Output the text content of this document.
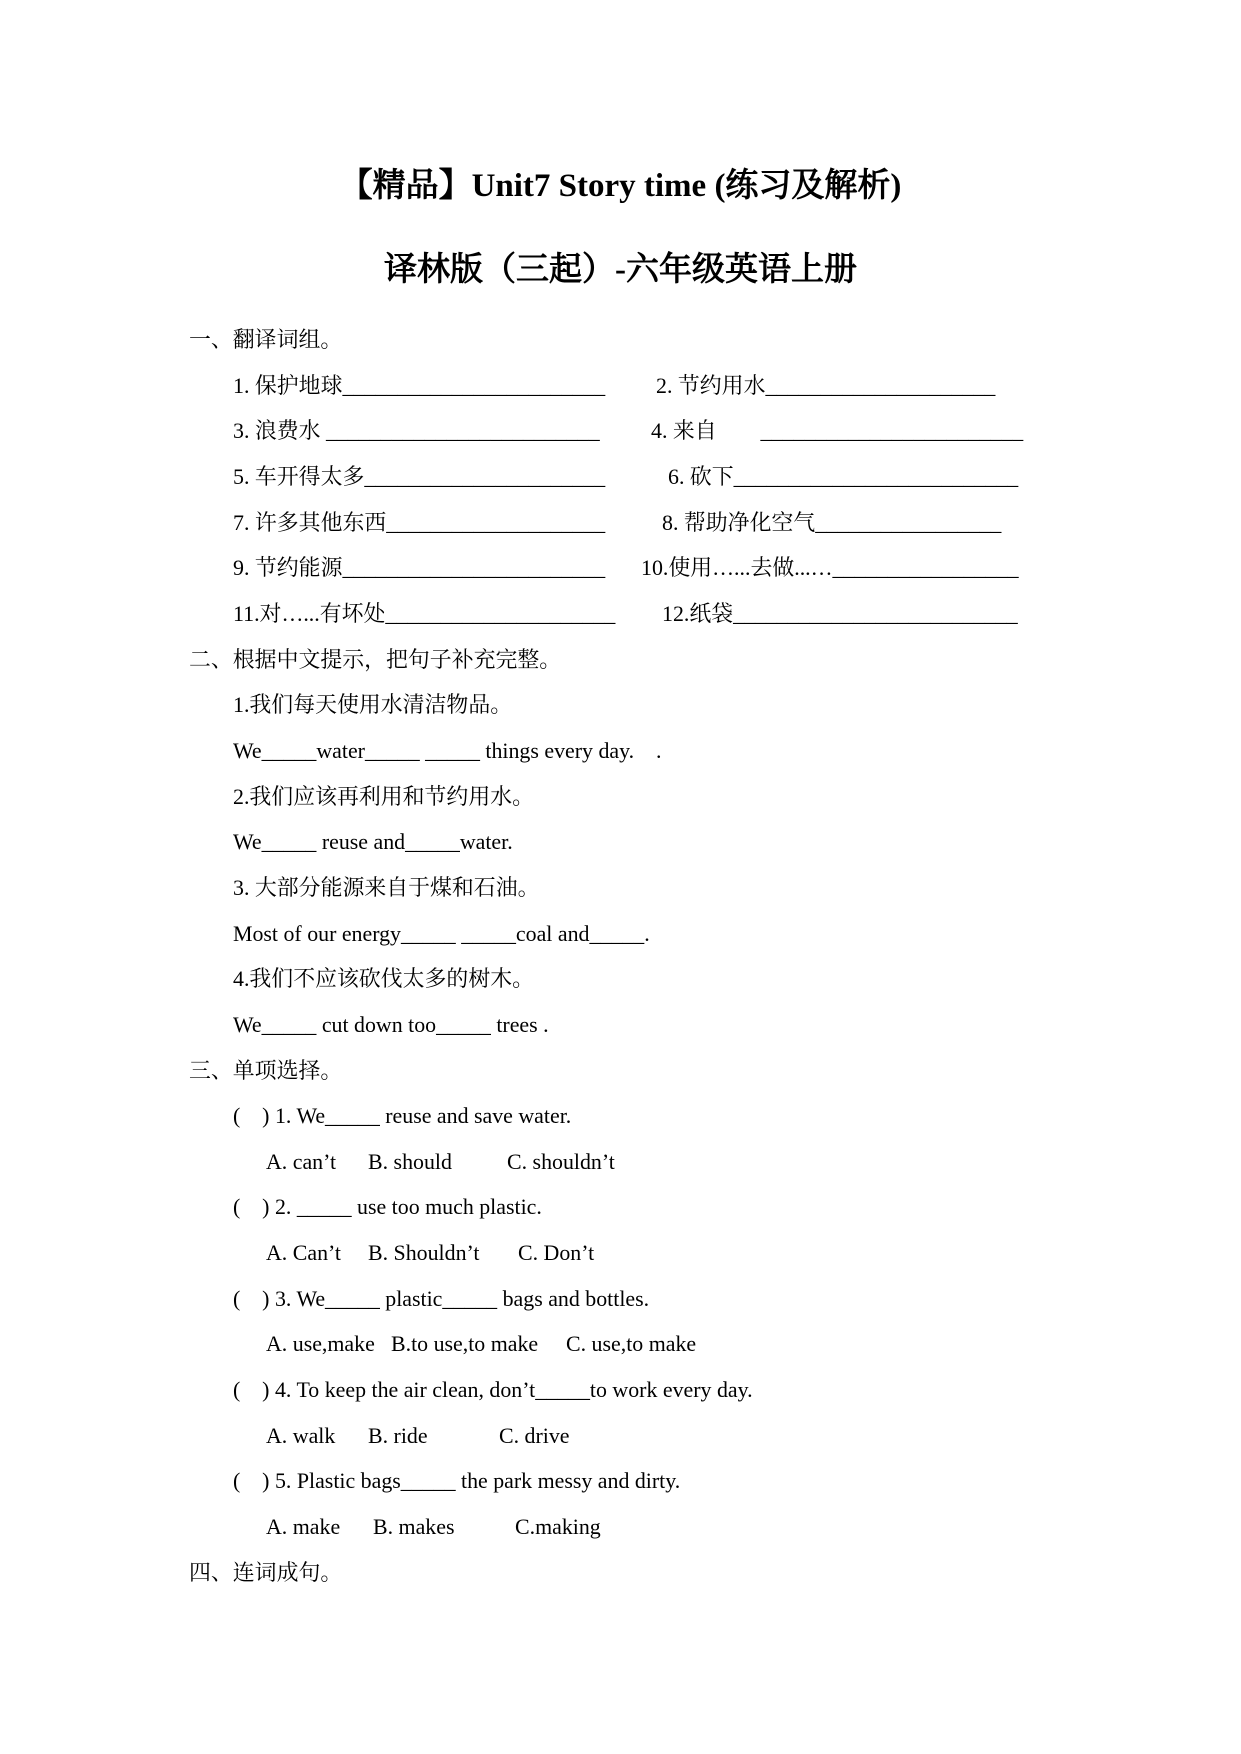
【精品】Unit7 Story time (练习及解析)
译林版（三起）-六年级英语上册

一、翻译词组。

1. 保护地球________________________

2. 节约用水_____________________

3. 浪费水 _________________________

4. 来自        ________________________

5. 车开得太多______________________

	6. 砍下__________________________

7. 许多其他东西____________________

	8. 帮助净化空气_________________

9. 节约能源________________________

10.使用…...去做...…_________________

11.对…...有坏处_____________________

12.纸袋__________________________

二、根据中文提示，把句子补充完整。

1.我们每天使用水清洁物品。

We_____water_____ _____ things every day.    .

2.我们应该再利用和节约用水。

We_____ reuse and_____water.

3. 大部分能源来自于煤和石油。

Most of our energy_____ _____coal and_____.

4.我们不应该砍伐太多的树木。

We_____ cut down too_____ trees .

三、单项选择。

(    ) 1. We_____ reuse and save water.

A. can’t

B. should

	C. shouldn’t

(    ) 2. _____ use too much plastic.

A. Can’t

B. Shouldn’t

C. Don’t

(    ) 3. We_____ plastic_____ bags and bottles.

A. use,make

B.to use,to make

C. use,to make

(    ) 4. To keep the air clean, don’t_____to work every day.

A. walk

B. ride

	C. drive

(    ) 5. Plastic bags_____ the park messy and dirty.

A. make

B. makes

	C.making

四、连词成句。
